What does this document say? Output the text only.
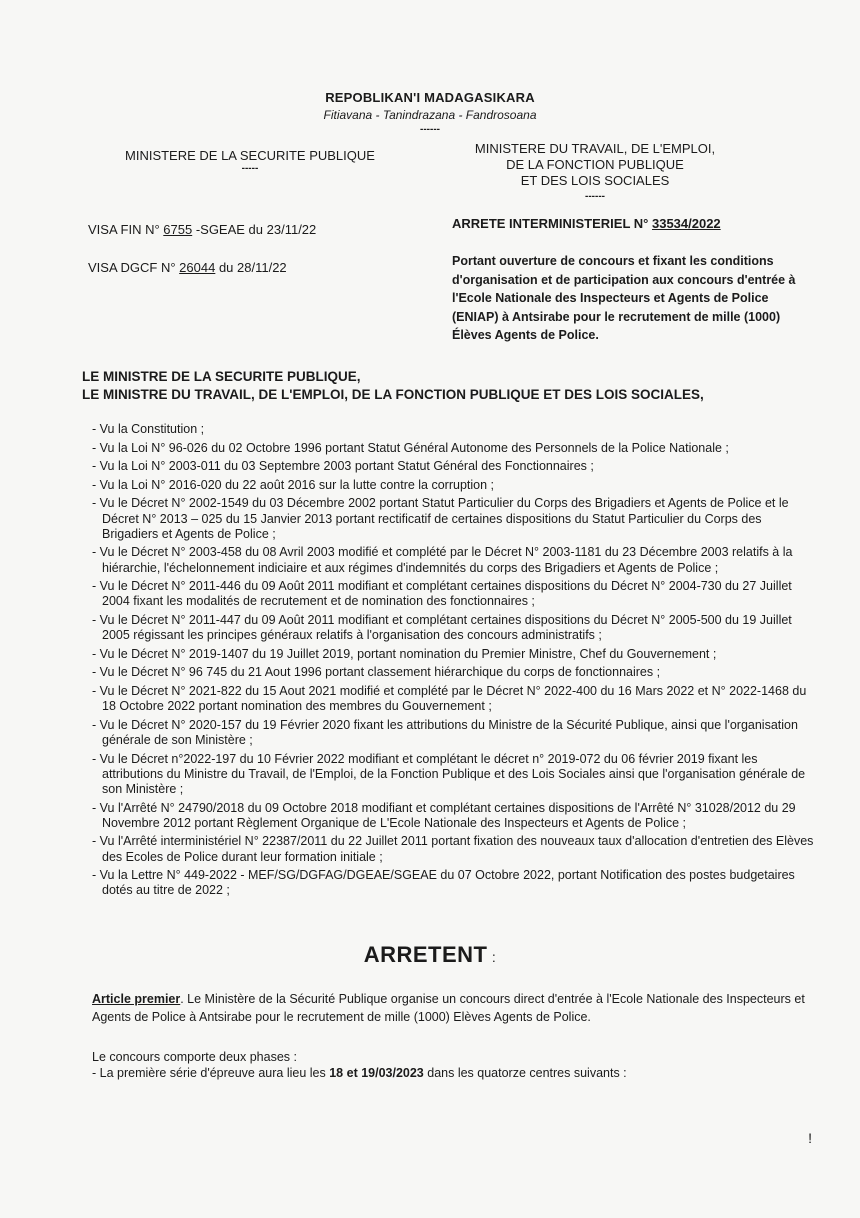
REPOBLIKAN'I MADAGASIKARA
Fitiavana - Tanindrazana - Fandrosoana
------
MINISTERE DE LA SECURITE PUBLIQUE
-----
MINISTERE DU TRAVAIL, DE L'EMPLOI,
DE LA FONCTION PUBLIQUE
ET DES LOIS SOCIALES
------
VISA FIN N° 6755 -SGEAE du 23/11/22
VISA DGCF N° 26044 du 28/11/22
ARRETE INTERMINISTERIEL N° 33534/2022
Portant ouverture de concours et fixant les conditions
d'organisation et de participation aux concours d'entrée à
l'Ecole Nationale des Inspecteurs et Agents de Police
(ENIAP) à Antsirabe pour le recrutement de mille (1000)
Élèves Agents de Police.
LE MINISTRE DE LA SECURITE PUBLIQUE,
LE MINISTRE DU TRAVAIL, DE L'EMPLOI, DE LA FONCTION PUBLIQUE ET DES LOIS SOCIALES,
- Vu la Constitution ;
- Vu la Loi N° 96-026 du 02 Octobre 1996 portant Statut Général Autonome des Personnels de la Police Nationale ;
- Vu la Loi N° 2003-011 du 03 Septembre 2003 portant Statut Général des Fonctionnaires ;
- Vu la Loi N° 2016-020 du 22 août 2016 sur la lutte contre la corruption ;
- Vu le Décret N° 2002-1549 du 03 Décembre 2002 portant Statut Particulier du Corps des Brigadiers et Agents de Police et le Décret N° 2013 – 025 du 15 Janvier 2013 portant rectificatif de certaines dispositions du Statut Particulier du Corps des Brigadiers et Agents de Police ;
- Vu le Décret N° 2003-458 du 08 Avril 2003 modifié et complété par le Décret N° 2003-1181 du 23 Décembre 2003 relatifs à la hiérarchie, l'échelonnement indiciaire et aux régimes d'indemnités du corps des Brigadiers et Agents de Police ;
- Vu le Décret N° 2011-446 du 09 Août 2011 modifiant et complétant certaines dispositions du Décret N° 2004-730 du 27 Juillet 2004 fixant les modalités de recrutement et de nomination des fonctionnaires ;
- Vu le Décret N° 2011-447 du 09 Août 2011 modifiant et complétant certaines dispositions du Décret N° 2005-500 du 19 Juillet 2005 régissant les principes généraux relatifs à l'organisation des concours administratifs ;
- Vu le Décret N° 2019-1407 du 19 Juillet 2019, portant nomination du Premier Ministre, Chef du Gouvernement ;
- Vu le Décret N° 96 745 du 21 Aout 1996 portant classement hiérarchique du corps de fonctionnaires ;
- Vu le Décret N° 2021-822 du 15 Aout 2021 modifié et complété par le Décret N° 2022-400 du 16 Mars 2022 et N° 2022-1468 du 18 Octobre 2022 portant nomination des membres du Gouvernement ;
- Vu le Décret N° 2020-157 du 19 Février 2020 fixant les attributions du Ministre de la Sécurité Publique, ainsi que l'organisation générale de son Ministère ;
- Vu le Décret n°2022-197 du 10 Février 2022 modifiant et complétant le décret n° 2019-072 du 06 février 2019 fixant les attributions du Ministre du Travail, de l'Emploi, de la Fonction Publique et des Lois Sociales ainsi que l'organisation générale de son Ministère ;
- Vu l'Arrêté N° 24790/2018 du 09 Octobre 2018 modifiant et complétant certaines dispositions de l'Arrêté N° 31028/2012 du 29 Novembre 2012 portant Règlement Organique de L'Ecole Nationale des Inspecteurs et Agents de Police ;
- Vu l'Arrêté interministériel N° 22387/2011 du 22 Juillet 2011 portant fixation des nouveaux taux d'allocation d'entretien des Elèves des Ecoles de Police durant leur formation initiale ;
- Vu la Lettre N° 449-2022 - MEF/SG/DGFAG/DGEAE/SGEAE du 07 Octobre 2022, portant Notification des postes budgetaires dotés au titre de 2022 ;
ARRETENT :
Article premier. Le Ministère de la Sécurité Publique organise un concours direct d'entrée à l'Ecole Nationale des Inspecteurs et Agents de Police à Antsirabe pour le recrutement de mille (1000) Elèves Agents de Police.
Le concours comporte deux phases :
- La première série d'épreuve aura lieu les 18 et 19/03/2023 dans les quatorze centres suivants :
!
